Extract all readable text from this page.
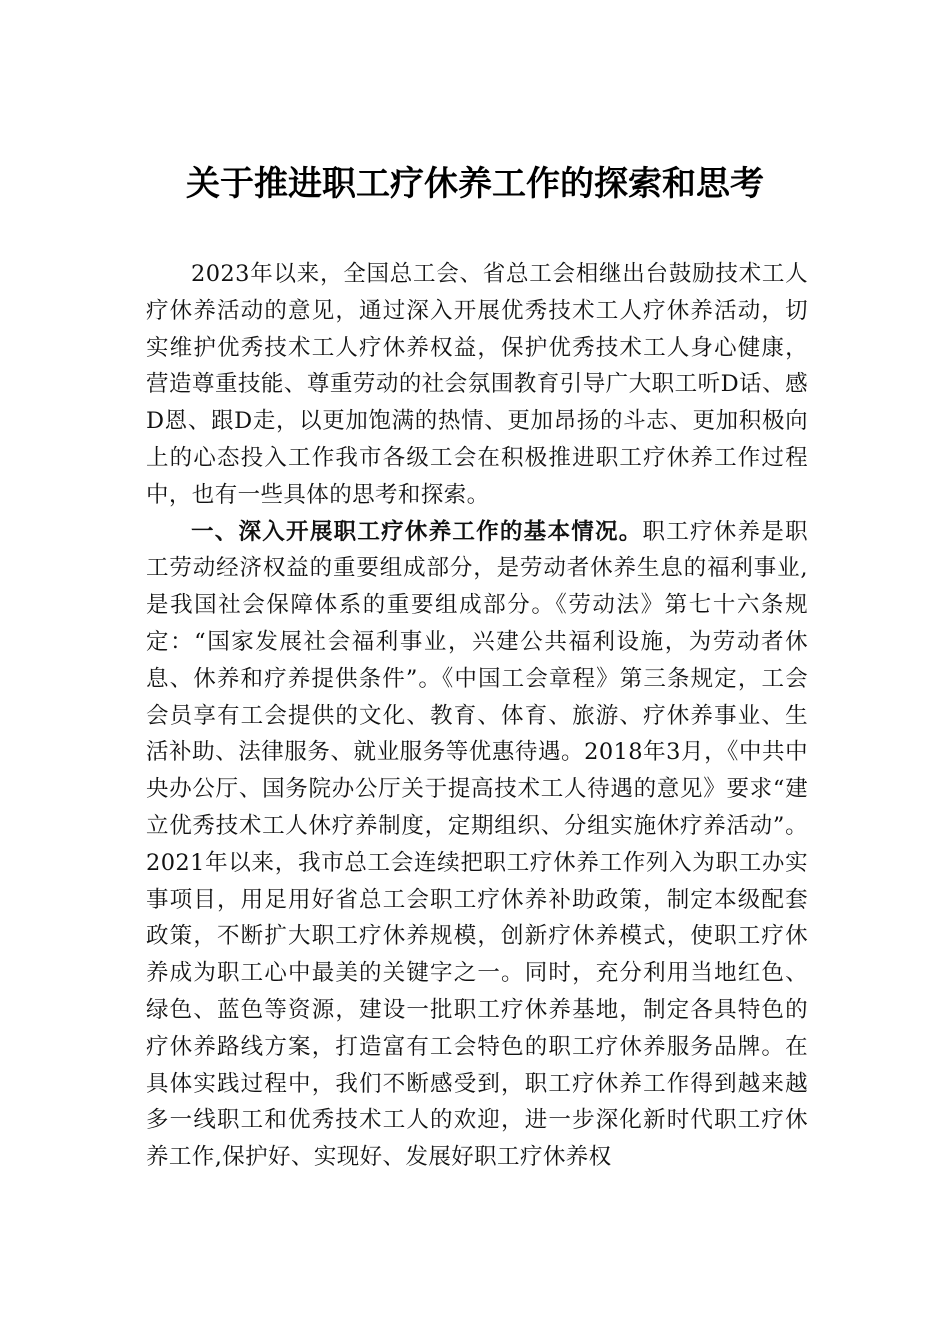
关于推进职工疗休养工作的探索和思考

2023年以来，全国总工会、省总工会相继出台鼓励技术工人疗休养活动的意见，通过深入开展优秀技术工人疗休养活动，切实维护优秀技术工人疗休养权益，保护优秀技术工人身心健康，营造尊重技能、尊重劳动的社会氛围教育引导广大职工听D话、感D恩、跟D走，以更加饱满的热情、更加昂扬的斗志、更加积极向上的心态投入工作我市各级工会在积极推进职工疗休养工作过程中，也有一些具体的思考和探索。

一、深入开展职工疗休养工作的基本情况。职工疗休养是职工劳动经济权益的重要组成部分，是劳动者休养生息的福利事业,是我国社会保障体系的重要组成部分。《劳动法》第七十六条规定：“国家发展社会福利事业，兴建公共福利设施，为劳动者休息、休养和疗养提供条件”。《中国工会章程》第三条规定，工会会员享有工会提供的文化、教育、体育、旅游、疗休养事业、生活补助、法律服务、就业服务等优惠待遇。2018年3月，《中共中央办公厅、国务院办公厅关于提高技术工人待遇的意见》要求“建立优秀技术工人休疗养制度，定期组织、分组实施休疗养活动”。2021年以来，我市总工会连续把职工疗休养工作列入为职工办实事项目，用足用好省总工会职工疗休养补助政策，制定本级配套政策，不断扩大职工疗休养规模，创新疗休养模式，使职工疗休养成为职工心中最美的关键字之一。同时，充分利用当地红色、绿色、蓝色等资源，建设一批职工疗休养基地，制定各具特色的疗休养路线方案，打造富有工会特色的职工疗休养服务品牌。在具体实践过程中，我们不断感受到，职工疗休养工作得到越来越多一线职工和优秀技术工人的欢迎，进一步深化新时代职工疗休养工作,保护好、实现好、发展好职工疗休养权
